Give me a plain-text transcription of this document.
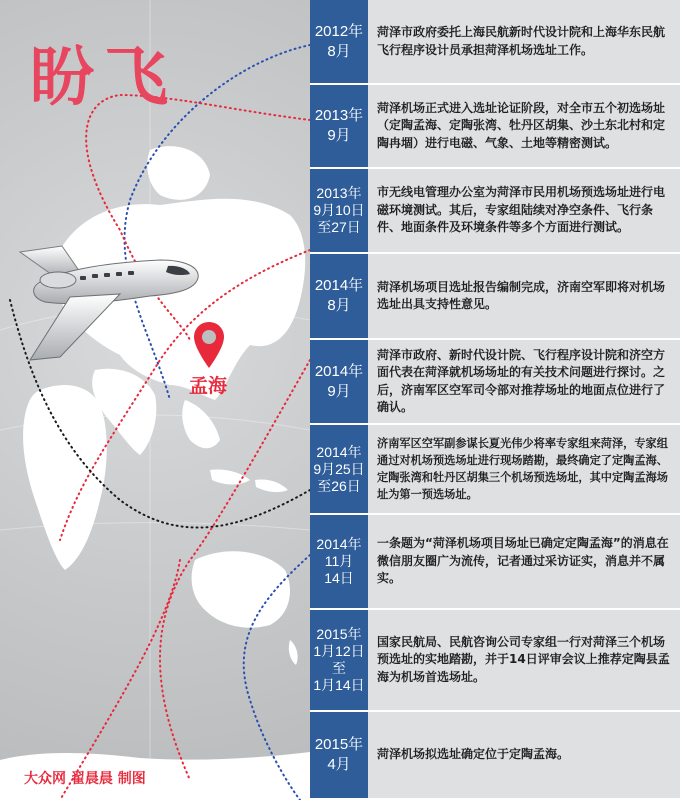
盼飞
孟海
大众网 翟晨晨 制图
2012年
8月
菏泽市政府委托上海民航新时代设计院和上海华东民航飞行程序设计员承担菏泽机场选址工作。
2013年
9月
菏泽机场正式进入选址论证阶段，对全市五个初选场址（定陶孟海、定陶张湾、牡丹区胡集、沙土东北村和定陶冉堌）进行电磁、气象、土地等精密测试。
2013年
9月10日
至27日
市无线电管理办公室为菏泽市民用机场预选场址进行电磁环境测试。其后，专家组陆续对净空条件、飞行条件、地面条件及环境条件等多个方面进行测试。
2014年
8月
菏泽机场项目选址报告编制完成，济南空军即将对机场选址出具支持性意见。
2014年
9月
菏泽市政府、新时代设计院、飞行程序设计院和济空方面代表在菏泽就机场场址的有关技术问题进行探讨。之后，济南军区空军司令部对推荐场址的地面点位进行了确认。
2014年
9月25日
至26日
济南军区空军副参谋长夏光伟少将率专家组来菏泽，专家组通过对机场预选场址进行现场踏勘，最终确定了定陶孟海、定陶张湾和牡丹区胡集三个机场预选场址，其中定陶孟海场址为第一预选场址。
2014年
11月
14日
一条题为“菏泽机场项目场址已确定定陶孟海”的消息在微信朋友圈广为流传，记者通过采访证实，消息并不属实。
2015年
1月12日
至
1月14日
国家民航局、民航咨询公司专家组一行对菏泽三个机场预选址的实地踏勘，并于14日评审会议上推荐定陶县孟海为机场首选场址。
2015年
4月
菏泽机场拟选址确定位于定陶孟海。
